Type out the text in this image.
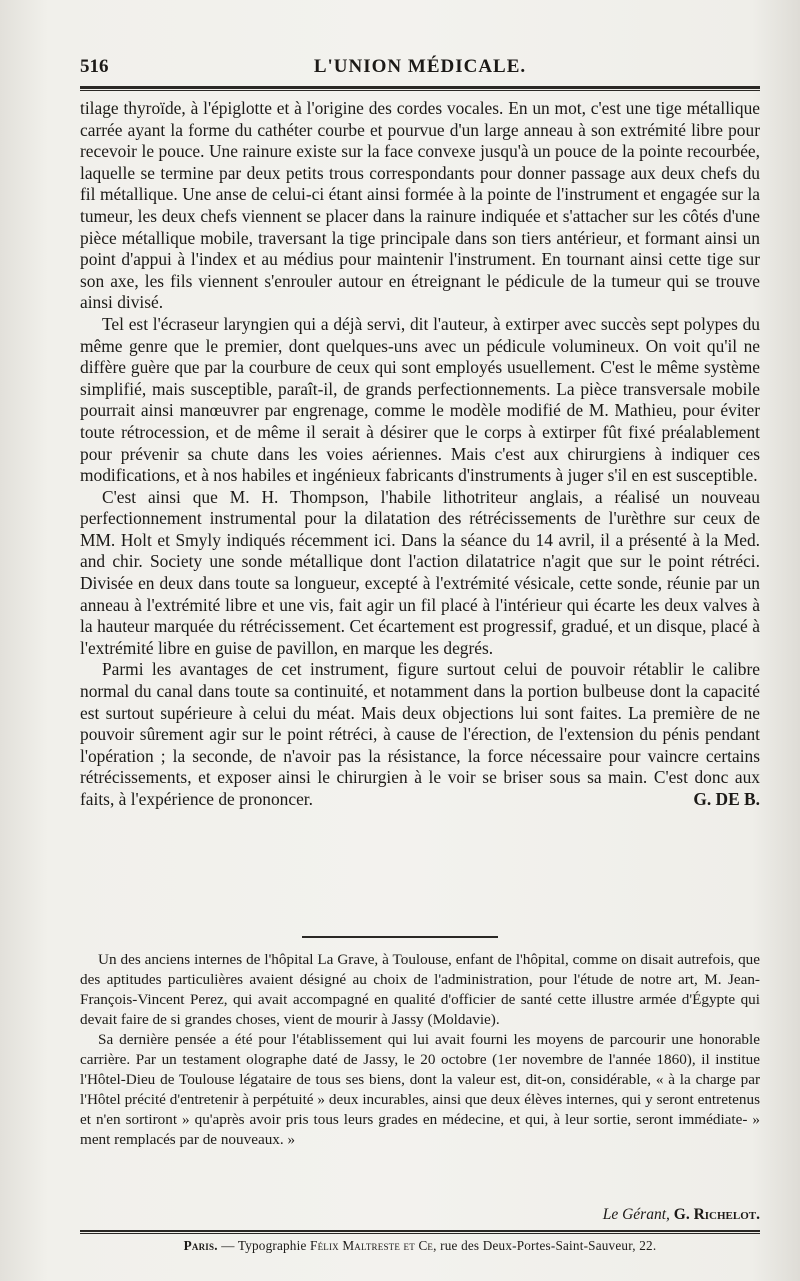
516	L'UNION MÉDICALE.

tilage thyroïde, à l'épiglotte et à l'origine des cordes vocales. En un mot, c'est une tige métallique carrée ayant la forme du cathéter courbe et pourvue d'un large anneau à son extrémité libre pour recevoir le pouce. Une rainure existe sur la face convexe jusqu'à un pouce de la pointe recourbée, laquelle se termine par deux petits trous correspondants pour donner passage aux deux chefs du fil métallique. Une anse de celui-ci étant ainsi formée à la pointe de l'instrument et engagée sur la tumeur, les deux chefs viennent se placer dans la rainure indiquée et s'attacher sur les côtés d'une pièce métallique mobile, traversant la tige principale dans son tiers antérieur, et formant ainsi un point d'appui à l'index et au médius pour maintenir l'instrument. En tournant ainsi cette tige sur son axe, les fils viennent s'enrouler autour en étreignant le pédicule de la tumeur qui se trouve ainsi divisé.

Tel est l'écraseur laryngien qui a déjà servi, dit l'auteur, à extirper avec succès sept polypes du même genre que le premier, dont quelques-uns avec un pédicule volumineux. On voit qu'il ne diffère guère que par la courbure de ceux qui sont employés usuellement. C'est le même système simplifié, mais susceptible, paraît-il, de grands perfectionnements. La pièce transversale mobile pourrait ainsi manœuvrer par engrenage, comme le modèle modifié de M. Mathieu, pour éviter toute rétrocession, et de même il serait à désirer que le corps à extirper fût fixé préalablement pour prévenir sa chute dans les voies aériennes. Mais c'est aux chirurgiens à indiquer ces modifications, et à nos habiles et ingénieux fabricants d'instruments à juger s'il en est susceptible.

C'est ainsi que M. H. Thompson, l'habile lithotriteur anglais, a réalisé un nouveau perfectionnement instrumental pour la dilatation des rétrécissements de l'urèthre sur ceux de MM. Holt et Smyly indiqués récemment ici. Dans la séance du 14 avril, il a présenté à la Med. and chir. Society une sonde métallique dont l'action dilatatrice n'agit que sur le point rétréci. Divisée en deux dans toute sa longueur, excepté à l'extrémité vésicale, cette sonde, réunie par un anneau à l'extrémité libre et une vis, fait agir un fil placé à l'intérieur qui écarte les deux valves à la hauteur marquée du rétrécissement. Cet écartement est progressif, gradué, et un disque, placé à l'extrémité libre en guise de pavillon, en marque les degrés.

Parmi les avantages de cet instrument, figure surtout celui de pouvoir rétablir le calibre normal du canal dans toute sa continuité, et notamment dans la portion bulbeuse dont la capacité est surtout supérieure à celui du méat. Mais deux objections lui sont faites. La première de ne pouvoir sûrement agir sur le point rétréci, à cause de l'érection, de l'extension du pénis pendant l'opération ; la seconde, de n'avoir pas la résistance, la force nécessaire pour vaincre certains rétrécissements, et exposer ainsi le chirurgien à le voir se briser sous sa main. C'est donc aux faits, à l'expérience de prononcer.	G. DE B.

Un des anciens internes de l'hôpital La Grave, à Toulouse, enfant de l'hôpital, comme on disait autrefois, que des aptitudes particulières avaient désigné au choix de l'administration, pour l'étude de notre art, M. Jean-François-Vincent Perez, qui avait accompagné en qualité d'officier de santé cette illustre armée d'Égypte qui devait faire de si grandes choses, vient de mourir à Jassy (Moldavie).

Sa dernière pensée a été pour l'établissement qui lui avait fourni les moyens de parcourir une honorable carrière. Par un testament olographe daté de Jassy, le 20 octobre (1er novembre de l'année 1860), il institue l'Hôtel-Dieu de Toulouse légataire de tous ses biens, dont la valeur est, dit-on, considérable, « à la charge par l'Hôtel précité d'entretenir à perpétuité » deux incurables, ainsi que deux élèves internes, qui y seront entretenus et n'en sortiront » qu'après avoir pris tous leurs grades en médecine, et qui, à leur sortie, seront immédiate- » ment remplacés par de nouveaux. »

Le Gérant, G. Richelot.
Paris. — Typographie Félix Maltreste et Ce, rue des Deux-Portes-Saint-Sauveur, 22.
